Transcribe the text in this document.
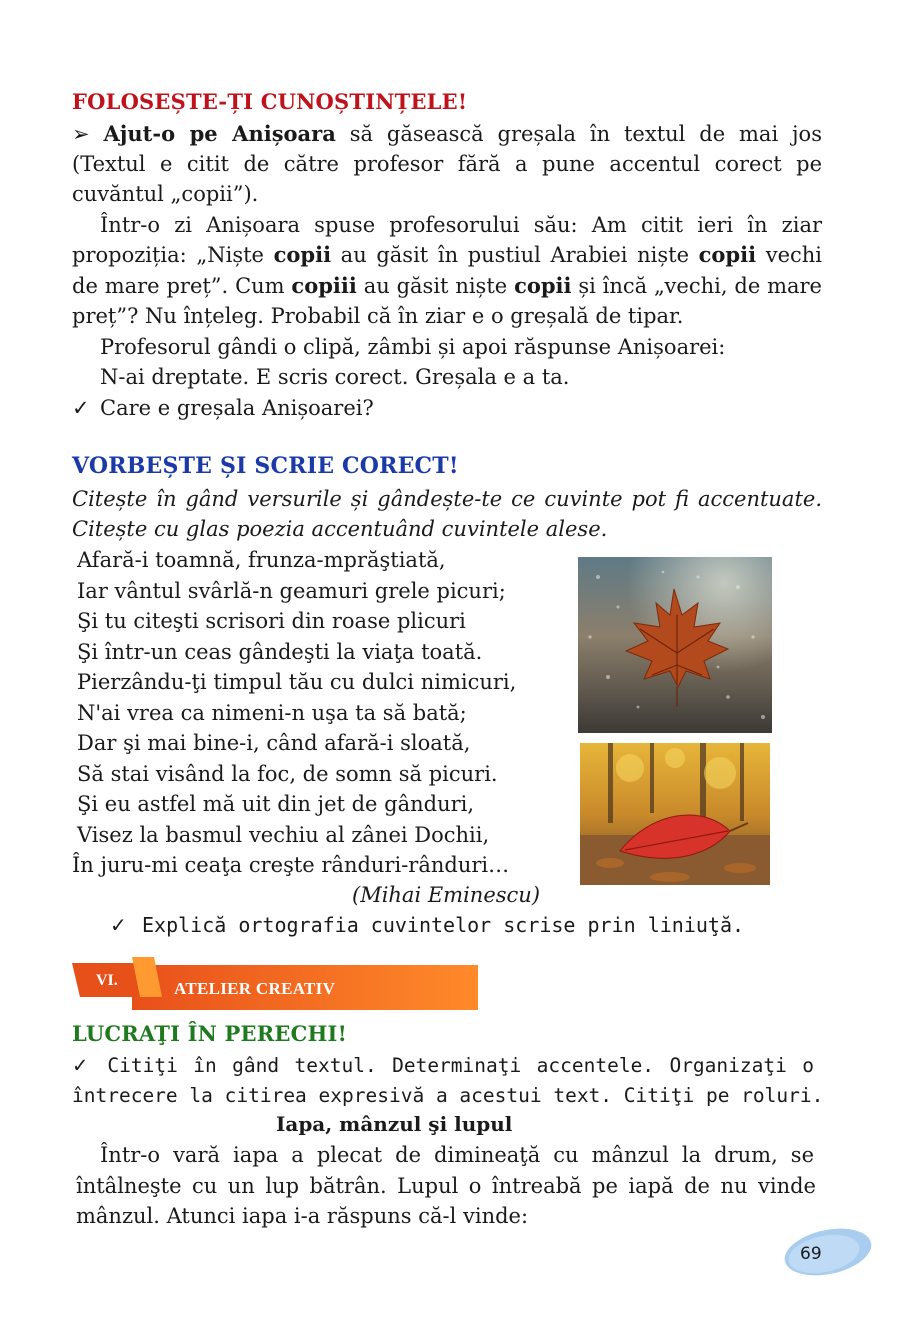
FOLOSEȘTE-ȚI CUNOȘTINȚELE!
➢ Ajut-o pe Anișoara să găsească greșala în textul de mai jos
(Textul e citit de către profesor fără a pune accentul corect pe
cuvăntul „copii”).
Într-o zi Anișoara spuse profesorului său: Am citit ieri în ziar
propoziția: „Niște copii au găsit în pustiul Arabiei niște copii vechi
de mare preț”. Cum copiii au găsit niște copii și încă „vechi, de mare
preț”? Nu înțeleg. Probabil că în ziar e o greșală de tipar.
Profesorul gândi o clipă, zâmbi și apoi răspunse Anișoarei:
N-ai dreptate. E scris corect. Greșala e a ta.
✓ Care e greșala Anișoarei?
VORBEȘTE ȘI SCRIE CORECT!
Citește în gând versurile și gândește-te ce cuvinte pot fi accentuate.
Citește cu glas poezia accentuând cuvintele alese.
Afară-i toamnă, frunza-mprăştiată,
Iar vântul svârlă-n geamuri grele picuri;
Şi tu citeşti scrisori din roase plicuri
Şi într-un ceas gândeşti la viaţa toată.
Pierzându-ţi timpul tău cu dulci nimicuri,
N'ai vrea ca nimeni-n uşa ta să bată;
Dar şi mai bine-i, când afară-i sloată,
Să stai visând la foc, de somn să picuri.
Şi eu astfel mă uit din jet de gânduri,
Visez la basmul vechiu al zânei Dochii,
În juru-mi ceaţa creşte rânduri-rânduri…
(Mihai Eminescu)
✓ Explică ortografia cuvintelor scrise prin liniuţă.
VI.	ATELIER CREATIV
LUCRAŢI ÎN PERECHI!
✓ Citiţi în gând textul. Determinaţi accentele. Organizaţi o
întrecere la citirea expresivă a acestui text. Citiţi pe roluri.
Iapa, mânzul şi lupul
Într-o vară iapa a plecat de dimineaţă cu mânzul la drum, se
întâlneşte cu un lup bătrân. Lupul o întreabă pe iapă de nu vinde
mânzul. Atunci iapa i-a răspuns că-l vinde:
69
